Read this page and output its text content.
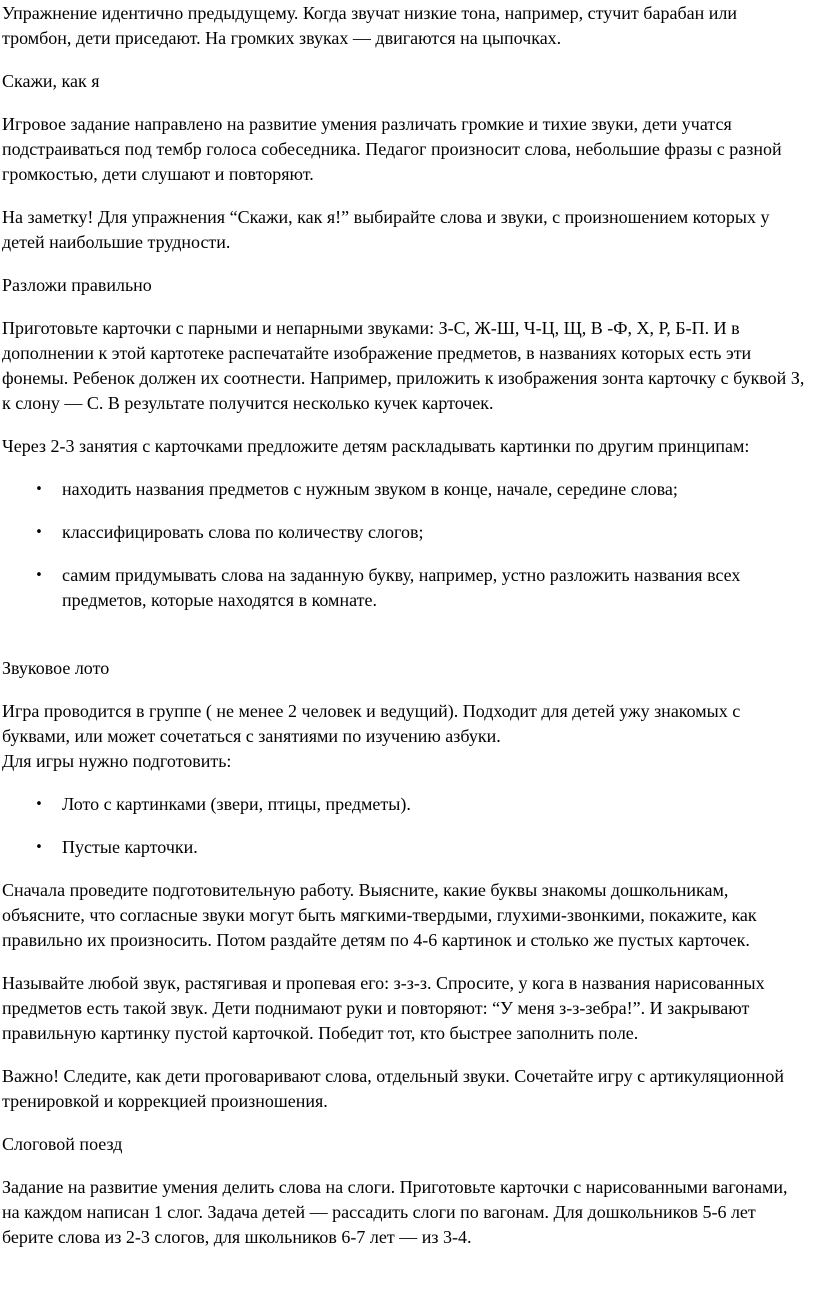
Упражнение идентично предыдущему. Когда звучат низкие тона, например, стучит барабан или тромбон, дети приседают. На громких звуках — двигаются на цыпочках.

Скажи, как я

Игровое задание направлено на развитие умения различать громкие и тихие звуки, дети учатся подстраиваться под тембр голоса собеседника. Педагог произносит слова, небольшие фразы с разной громкостью, дети слушают и повторяют.

На заметку! Для упражнения “Скажи, как я!” выбирайте слова и звуки, с произношением которых у детей наибольшие трудности.

Разложи правильно

Приготовьте карточки с парными и непарными звуками: З-С, Ж-Ш, Ч-Ц, Щ, В -Ф, Х, Р, Б-П. И в дополнении к этой картотеке распечатайте изображение предметов, в названиях которых есть эти фонемы. Ребенок должен их соотнести. Например, приложить к изображения зонта карточку с буквой З, к слону — С. В результате получится несколько кучек карточек.

Через 2-3 занятия с карточками предложите детям раскладывать картинки по другим принципам:

• находить названия предметов с нужным звуком в конце, начале, середине слова;
• классифицировать слова по количеству слогов;
• самим придумывать слова на заданную букву, например, устно разложить названия всех предметов, которые находятся в комнате.

Звуковое лото

Игра проводится в группе ( не менее 2 человек и ведущий). Подходит для детей ужу знакомых с буквами, или может сочетаться с занятиями по изучению азбуки.

Для игры нужно подготовить:

• Лото с картинками (звери, птицы, предметы).
• Пустые карточки.

Сначала проведите подготовительную работу. Выясните, какие буквы знакомы дошкольникам, объясните, что согласные звуки могут быть мягкими-твердыми, глухими-звонкими, покажите, как правильно их произносить. Потом раздайте детям по 4-6 картинок и столько же пустых карточек.

Называйте любой звук, растягивая и пропевая его: з-з-з. Спросите, у кога в названия нарисованных предметов есть такой звук. Дети поднимают руки и повторяют: “У меня з-з-зебра!”. И закрывают правильную картинку пустой карточкой. Победит тот, кто быстрее заполнить поле.

Важно! Следите, как дети проговаривают слова, отдельный звуки. Сочетайте игру с артикуляционной тренировкой и коррекцией произношения.

Слоговой поезд

Задание на развитие умения делить слова на слоги. Приготовьте карточки с нарисованными вагонами, на каждом написан 1 слог. Задача детей — рассадить слоги по вагонам. Для дошкольников 5-6 лет берите слова из 2-3 слогов, для школьников 6-7 лет — из 3-4.
